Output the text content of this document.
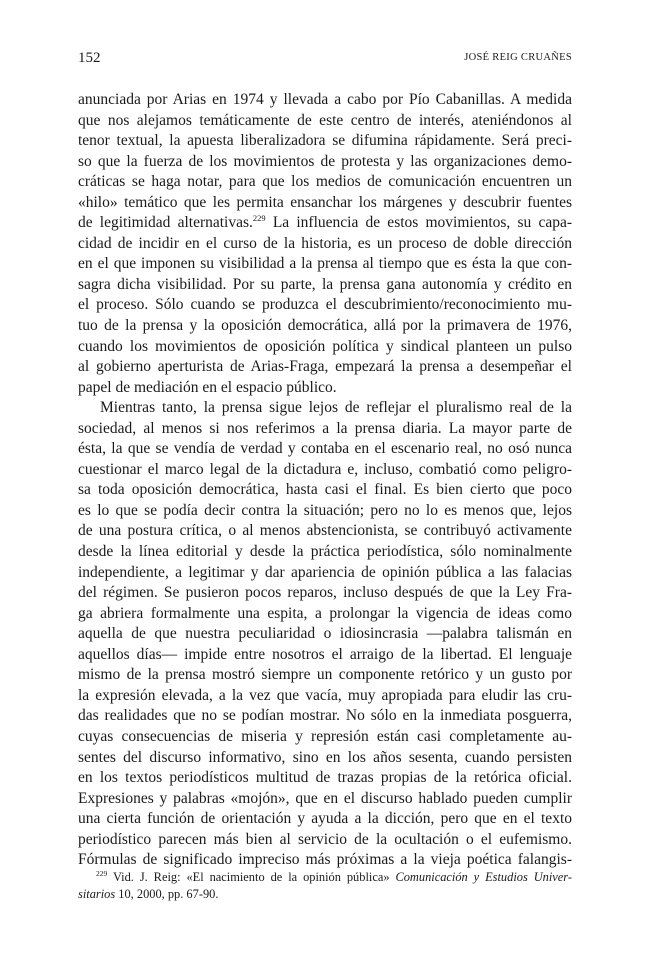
152	JOSÉ REIG CRUAÑES
anunciada por Arias en 1974 y llevada a cabo por Pío Cabanillas. A medida
que nos alejamos temáticamente de este centro de interés, ateniéndonos al
tenor textual, la apuesta liberalizadora se difumina rápidamente. Será preci-
so que la fuerza de los movimientos de protesta y las organizaciones demo-
cráticas se haga notar, para que los medios de comunicación encuentren un
«hilo» temático que les permita ensanchar los márgenes y descubrir fuentes
de legitimidad alternativas.$^{229}$ La influencia de estos movimientos, su capa-
cidad de incidir en el curso de la historia, es un proceso de doble dirección
en el que imponen su visibilidad a la prensa al tiempo que es ésta la que con-
sagra dicha visibilidad. Por su parte, la prensa gana autonomía y crédito en
el proceso. Sólo cuando se produzca el descubrimiento/reconocimiento mu-
tuo de la prensa y la oposición democrática, allá por la primavera de 1976,
cuando los movimientos de oposición política y sindical planteen un pulso
al gobierno aperturista de Arias-Fraga, empezará la prensa a desempeñar el
papel de mediación en el espacio público.
Mientras tanto, la prensa sigue lejos de reflejar el pluralismo real de la
sociedad, al menos si nos referimos a la prensa diaria. La mayor parte de
ésta, la que se vendía de verdad y contaba en el escenario real, no osó nunca
cuestionar el marco legal de la dictadura e, incluso, combatió como peligro-
sa toda oposición democrática, hasta casi el final. Es bien cierto que poco
es lo que se podía decir contra la situación; pero no lo es menos que, lejos
de una postura crítica, o al menos abstencionista, se contribuyó activamente
desde la línea editorial y desde la práctica periodística, sólo nominalmente
independiente, a legitimar y dar apariencia de opinión pública a las falacias
del régimen. Se pusieron pocos reparos, incluso después de que la Ley Fra-
ga abriera formalmente una espita, a prolongar la vigencia de ideas como
aquella de que nuestra peculiaridad o idiosincrasia —palabra talismán en
aquellos días— impide entre nosotros el arraigo de la libertad. El lenguaje
mismo de la prensa mostró siempre un componente retórico y un gusto por
la expresión elevada, a la vez que vacía, muy apropiada para eludir las cru-
das realidades que no se podían mostrar. No sólo en la inmediata posguerra,
cuyas consecuencias de miseria y represión están casi completamente au-
sentes del discurso informativo, sino en los años sesenta, cuando persisten
en los textos periodísticos multitud de trazas propias de la retórica oficial.
Expresiones y palabras «mojón», que en el discurso hablado pueden cumplir
una cierta función de orientación y ayuda a la dicción, pero que en el texto
periodístico parecen más bien al servicio de la ocultación o el eufemismo.
Fórmulas de significado impreciso más próximas a la vieja poética falangis-
$^{229}$ Vid. J. Reig: «El nacimiento de la opinión pública» Comunicación y Estudios Univer-
sitarios 10, 2000, pp. 67-90.
